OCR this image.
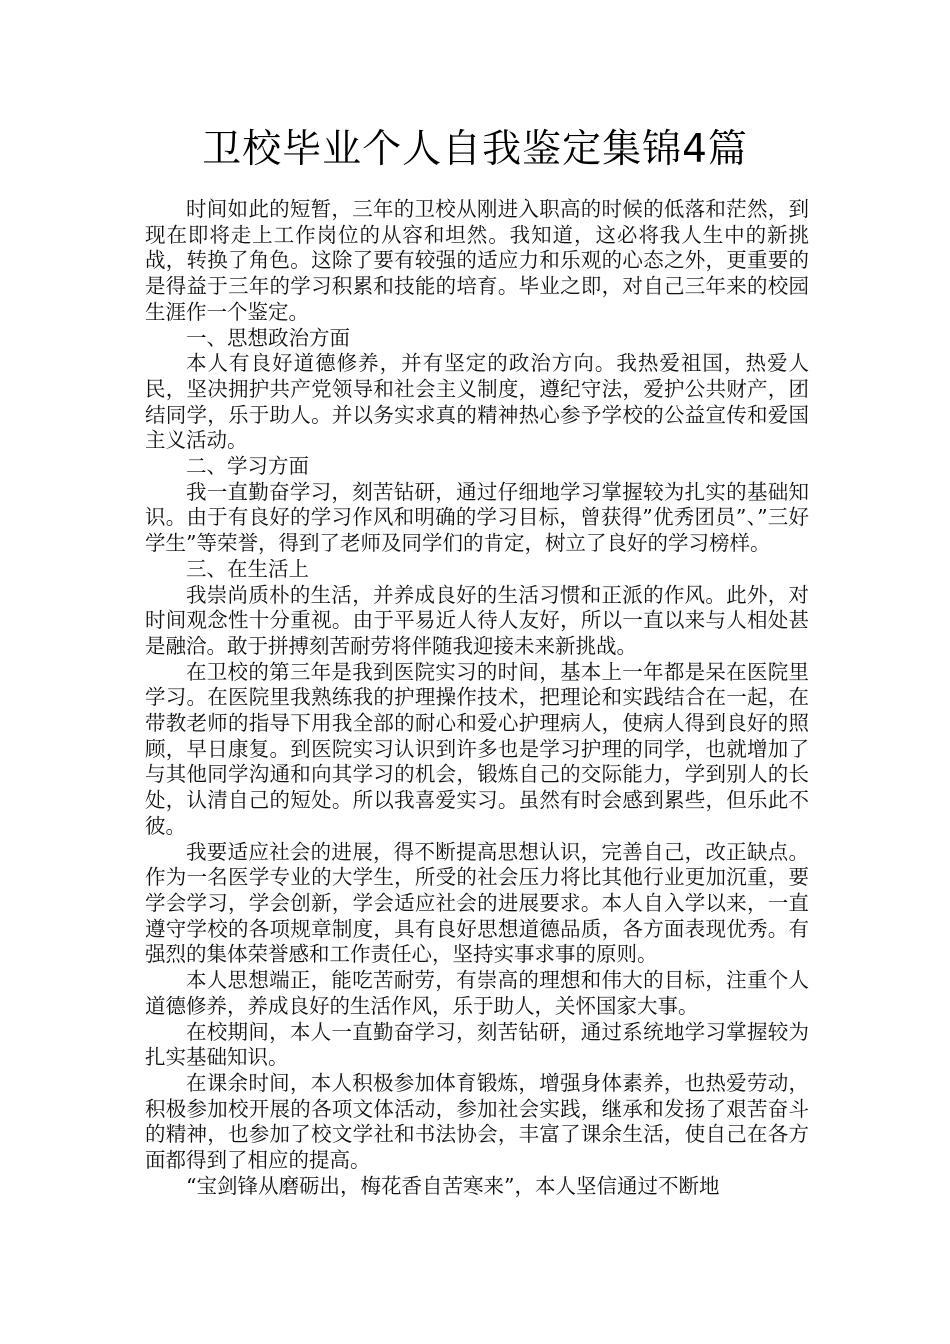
卫校毕业个人自我鉴定集锦4篇

时间如此的短暂，三年的卫校从刚进入职高的时候的低落和茫然，到现在即将走上工作岗位的从容和坦然。我知道，这必将我人生中的新挑战，转换了角色。这除了要有较强的适应力和乐观的心态之外，更重要的是得益于三年的学习积累和技能的培育。毕业之即，对自己三年来的校园生涯作一个鉴定。

一、思想政治方面

本人有良好道德修养，并有坚定的政治方向。我热爱祖国，热爱人民，坚决拥护共产党领导和社会主义制度，遵纪守法，爱护公共财产，团结同学，乐于助人。并以务实求真的精神热心参予学校的公益宣传和爱国主义活动。

二、学习方面

我一直勤奋学习，刻苦钻研，通过仔细地学习掌握较为扎实的基础知识。由于有良好的学习作风和明确的学习目标，曾获得”优秀团员”、”三好学生”等荣誉，得到了老师及同学们的肯定，树立了良好的学习榜样。

三、在生活上

我崇尚质朴的生活，并养成良好的生活习惯和正派的作风。此外，对时间观念性十分重视。由于平易近人待人友好，所以一直以来与人相处甚是融洽。敢于拼搏刻苦耐劳将伴随我迎接未来新挑战。

在卫校的第三年是我到医院实习的时间，基本上一年都是呆在医院里学习。在医院里我熟练我的护理操作技术，把理论和实践结合在一起，在带教老师的指导下用我全部的耐心和爱心护理病人，使病人得到良好的照顾，早日康复。到医院实习认识到许多也是学习护理的同学，也就增加了与其他同学沟通和向其学习的机会，锻炼自己的交际能力，学到别人的长处，认清自己的短处。所以我喜爱实习。虽然有时会感到累些，但乐此不彼。

我要适应社会的进展，得不断提高思想认识，完善自己，改正缺点。作为一名医学专业的大学生，所受的社会压力将比其他行业更加沉重，要学会学习，学会创新，学会适应社会的进展要求。本人自入学以来，一直遵守学校的各项规章制度，具有良好思想道德品质，各方面表现优秀。有强烈的集体荣誉感和工作责任心，坚持实事求事的原则。

本人思想端正，能吃苦耐劳，有崇高的理想和伟大的目标，注重个人道德修养，养成良好的生活作风，乐于助人，关怀国家大事。

在校期间，本人一直勤奋学习，刻苦钻研，通过系统地学习掌握较为扎实基础知识。

在课余时间，本人积极参加体育锻炼，增强身体素养，也热爱劳动，积极参加校开展的各项文体活动，参加社会实践，继承和发扬了艰苦奋斗的精神，也参加了校文学社和书法协会，丰富了课余生活，使自己在各方面都得到了相应的提高。

“宝剑锋从磨砺出，梅花香自苦寒来”，本人坚信通过不断地
